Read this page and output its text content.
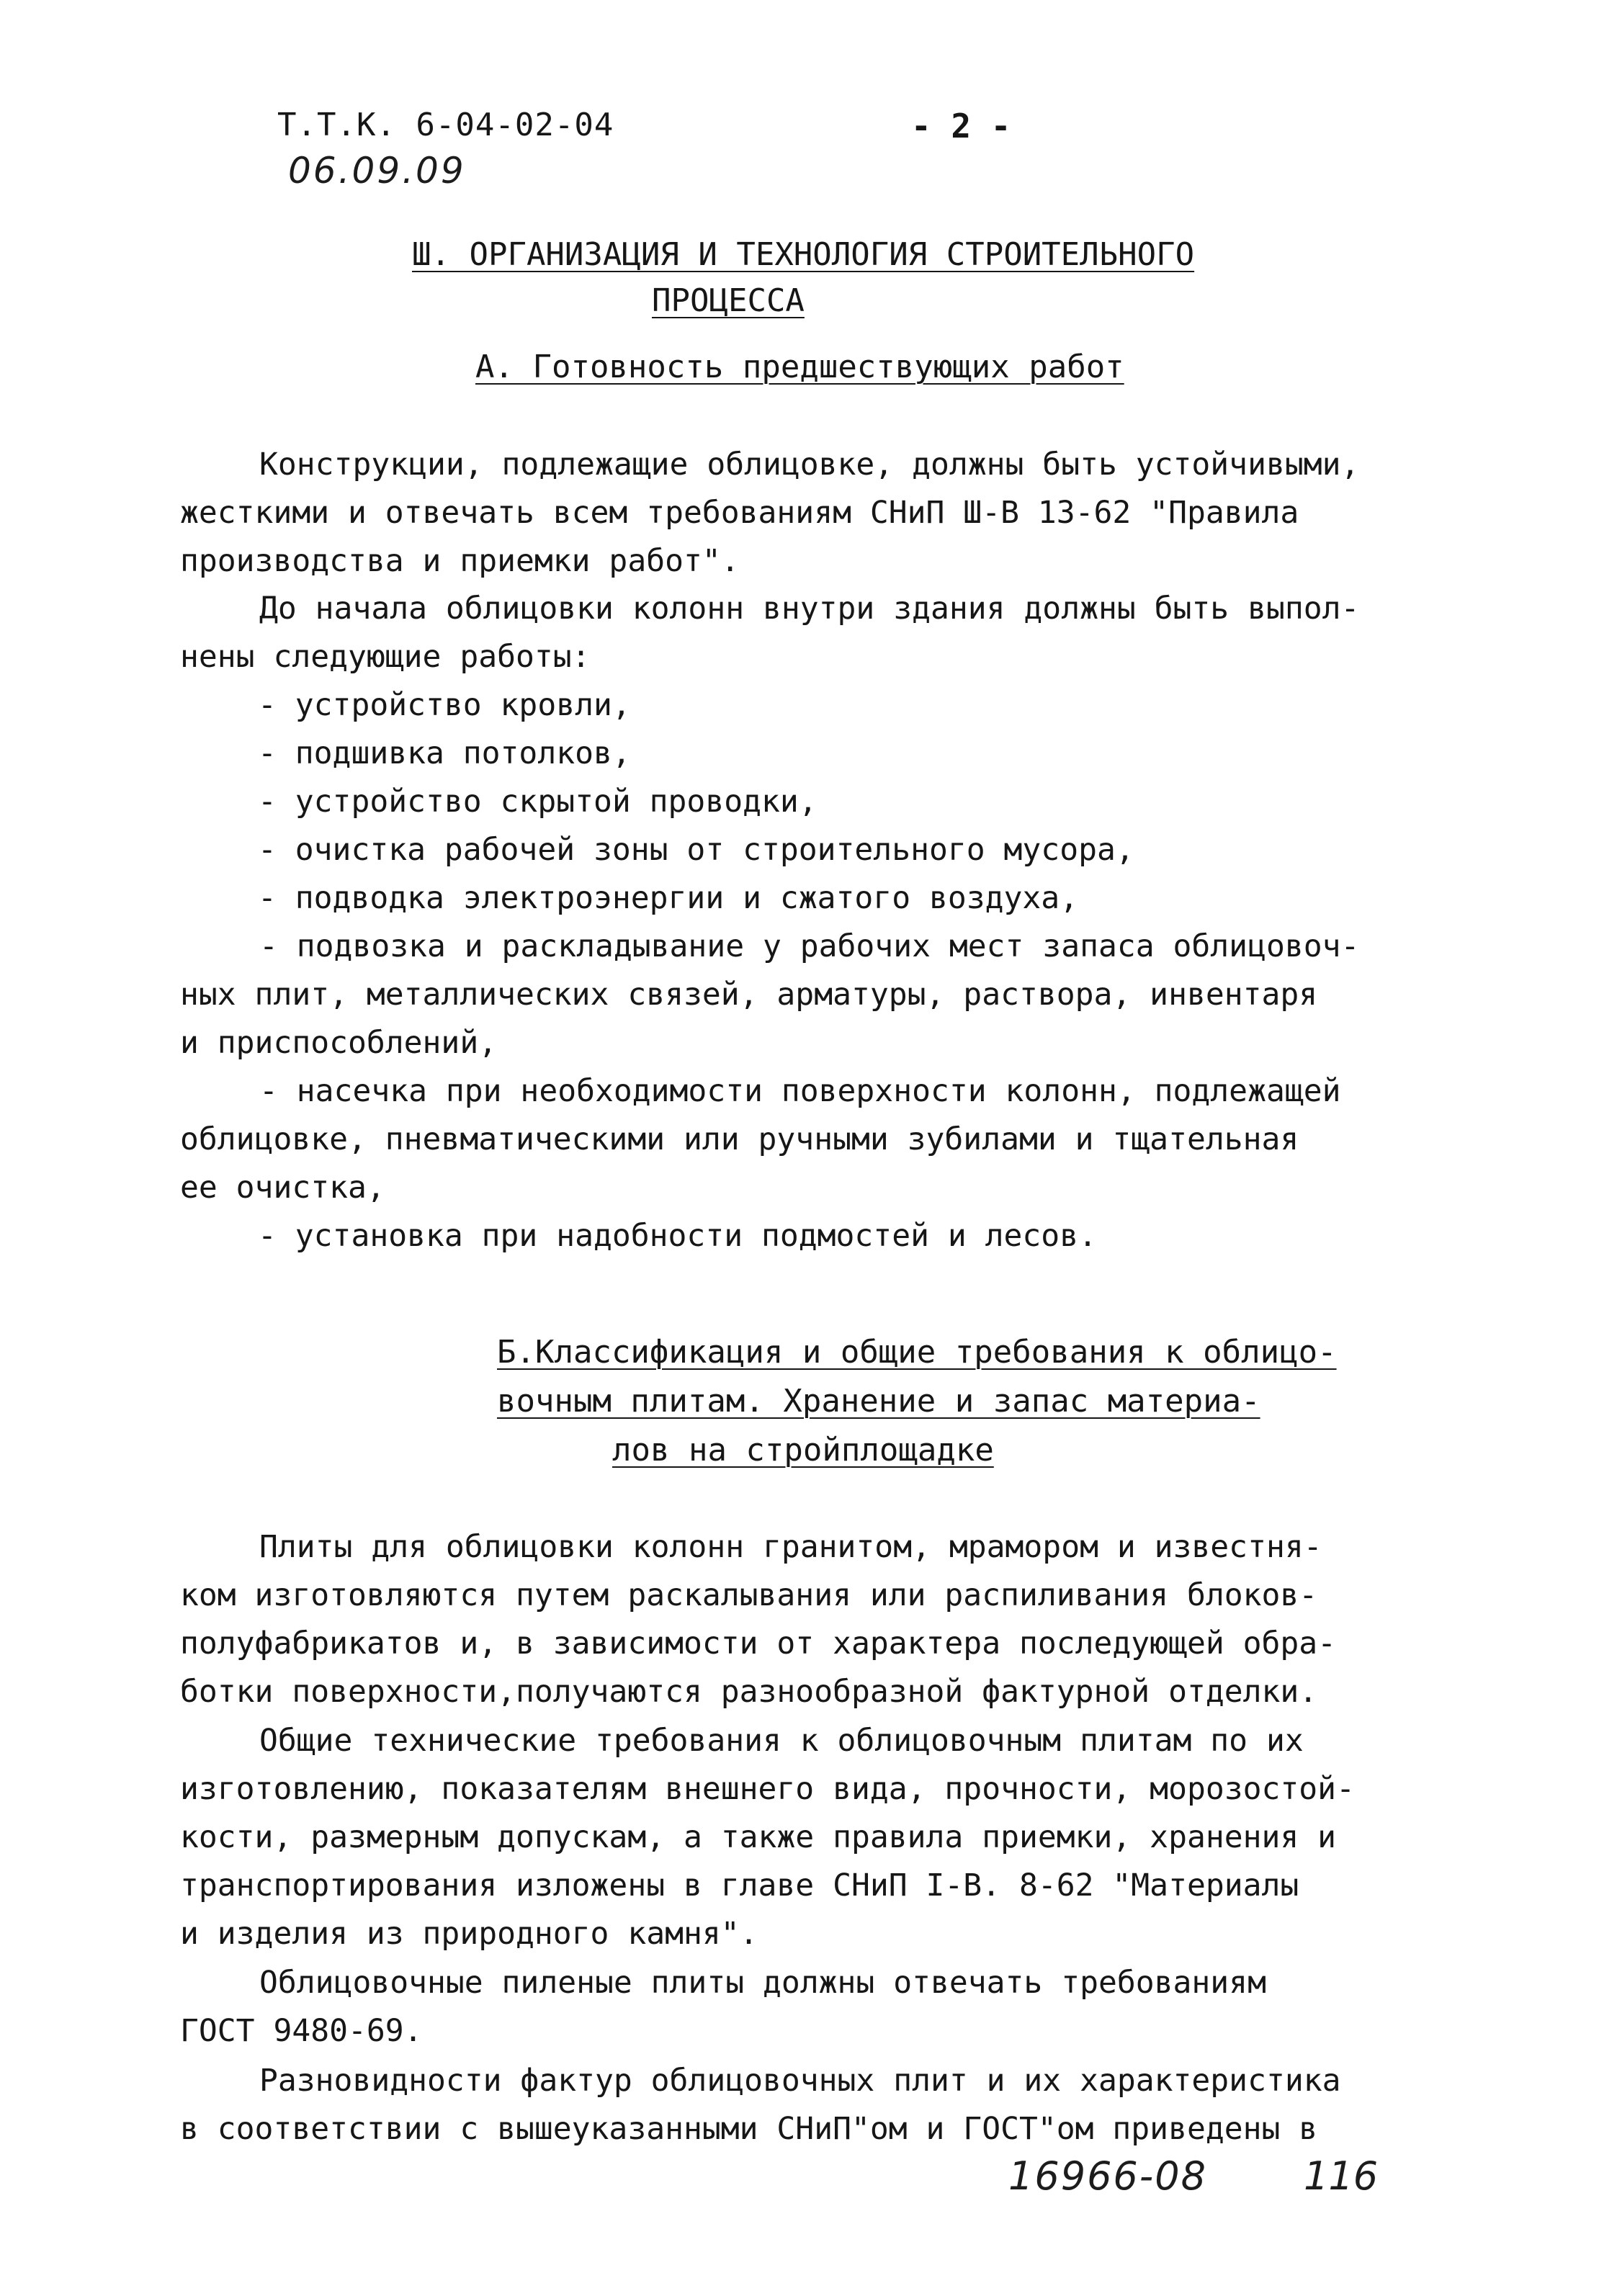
Т.Т.К. 6-04-02-04	- 2 -
06.09.09
Ш. ОРГАНИЗАЦИЯ И ТЕХНОЛОГИЯ СТРОИТЕЛЬНОГО
ПРОЦЕССА
А. Готовность предшествующих работ
Конструкции, подлежащие облицовке, должны быть устойчивыми,
жесткими и отвечать всем требованиям СНиП Ш-В 13-62 "Правила
производства и приемки работ".
До начала облицовки колонн внутри здания должны быть выпол-
нены следующие работы:
- устройство кровли,
- подшивка потолков,
- устройство скрытой проводки,
- очистка рабочей зоны от строительного мусора,
- подводка электроэнергии и сжатого воздуха,
- подвозка и раскладывание у рабочих мест запаса облицовоч-
ных плит, металлических связей, арматуры, раствора, инвентаря
и приспособлений,
- насечка при необходимости поверхности колонн, подлежащей
облицовке, пневматическими или ручными зубилами и тщательная
ее очистка,
- установка при надобности подмостей и лесов.
Б.Классификация и общие требования к облицо-
вочным плитам. Хранение и запас материа-
лов на стройплощадке
Плиты для облицовки колонн гранитом, мрамором и известня-
ком изготовляются путем раскалывания или распиливания блоков-
полуфабрикатов и, в зависимости от характера последующей обра-
ботки поверхности,получаются разнообразной фактурной отделки.
Общие технические требования к облицовочным плитам по их
изготовлению, показателям внешнего вида, прочности, морозостой-
кости, размерным допускам, а также правила приемки, хранения и
транспортирования изложены в главе СНиП I-В. 8-62 "Материалы
и изделия из природного камня".
Облицовочные пиленые плиты должны отвечать требованиям
ГОСТ 9480-69.
Разновидности фактур облицовочных плит и их характеристика
в соответствии с вышеуказанными СНиП"ом и ГОСТ"ом приведены в
16966-08 116
